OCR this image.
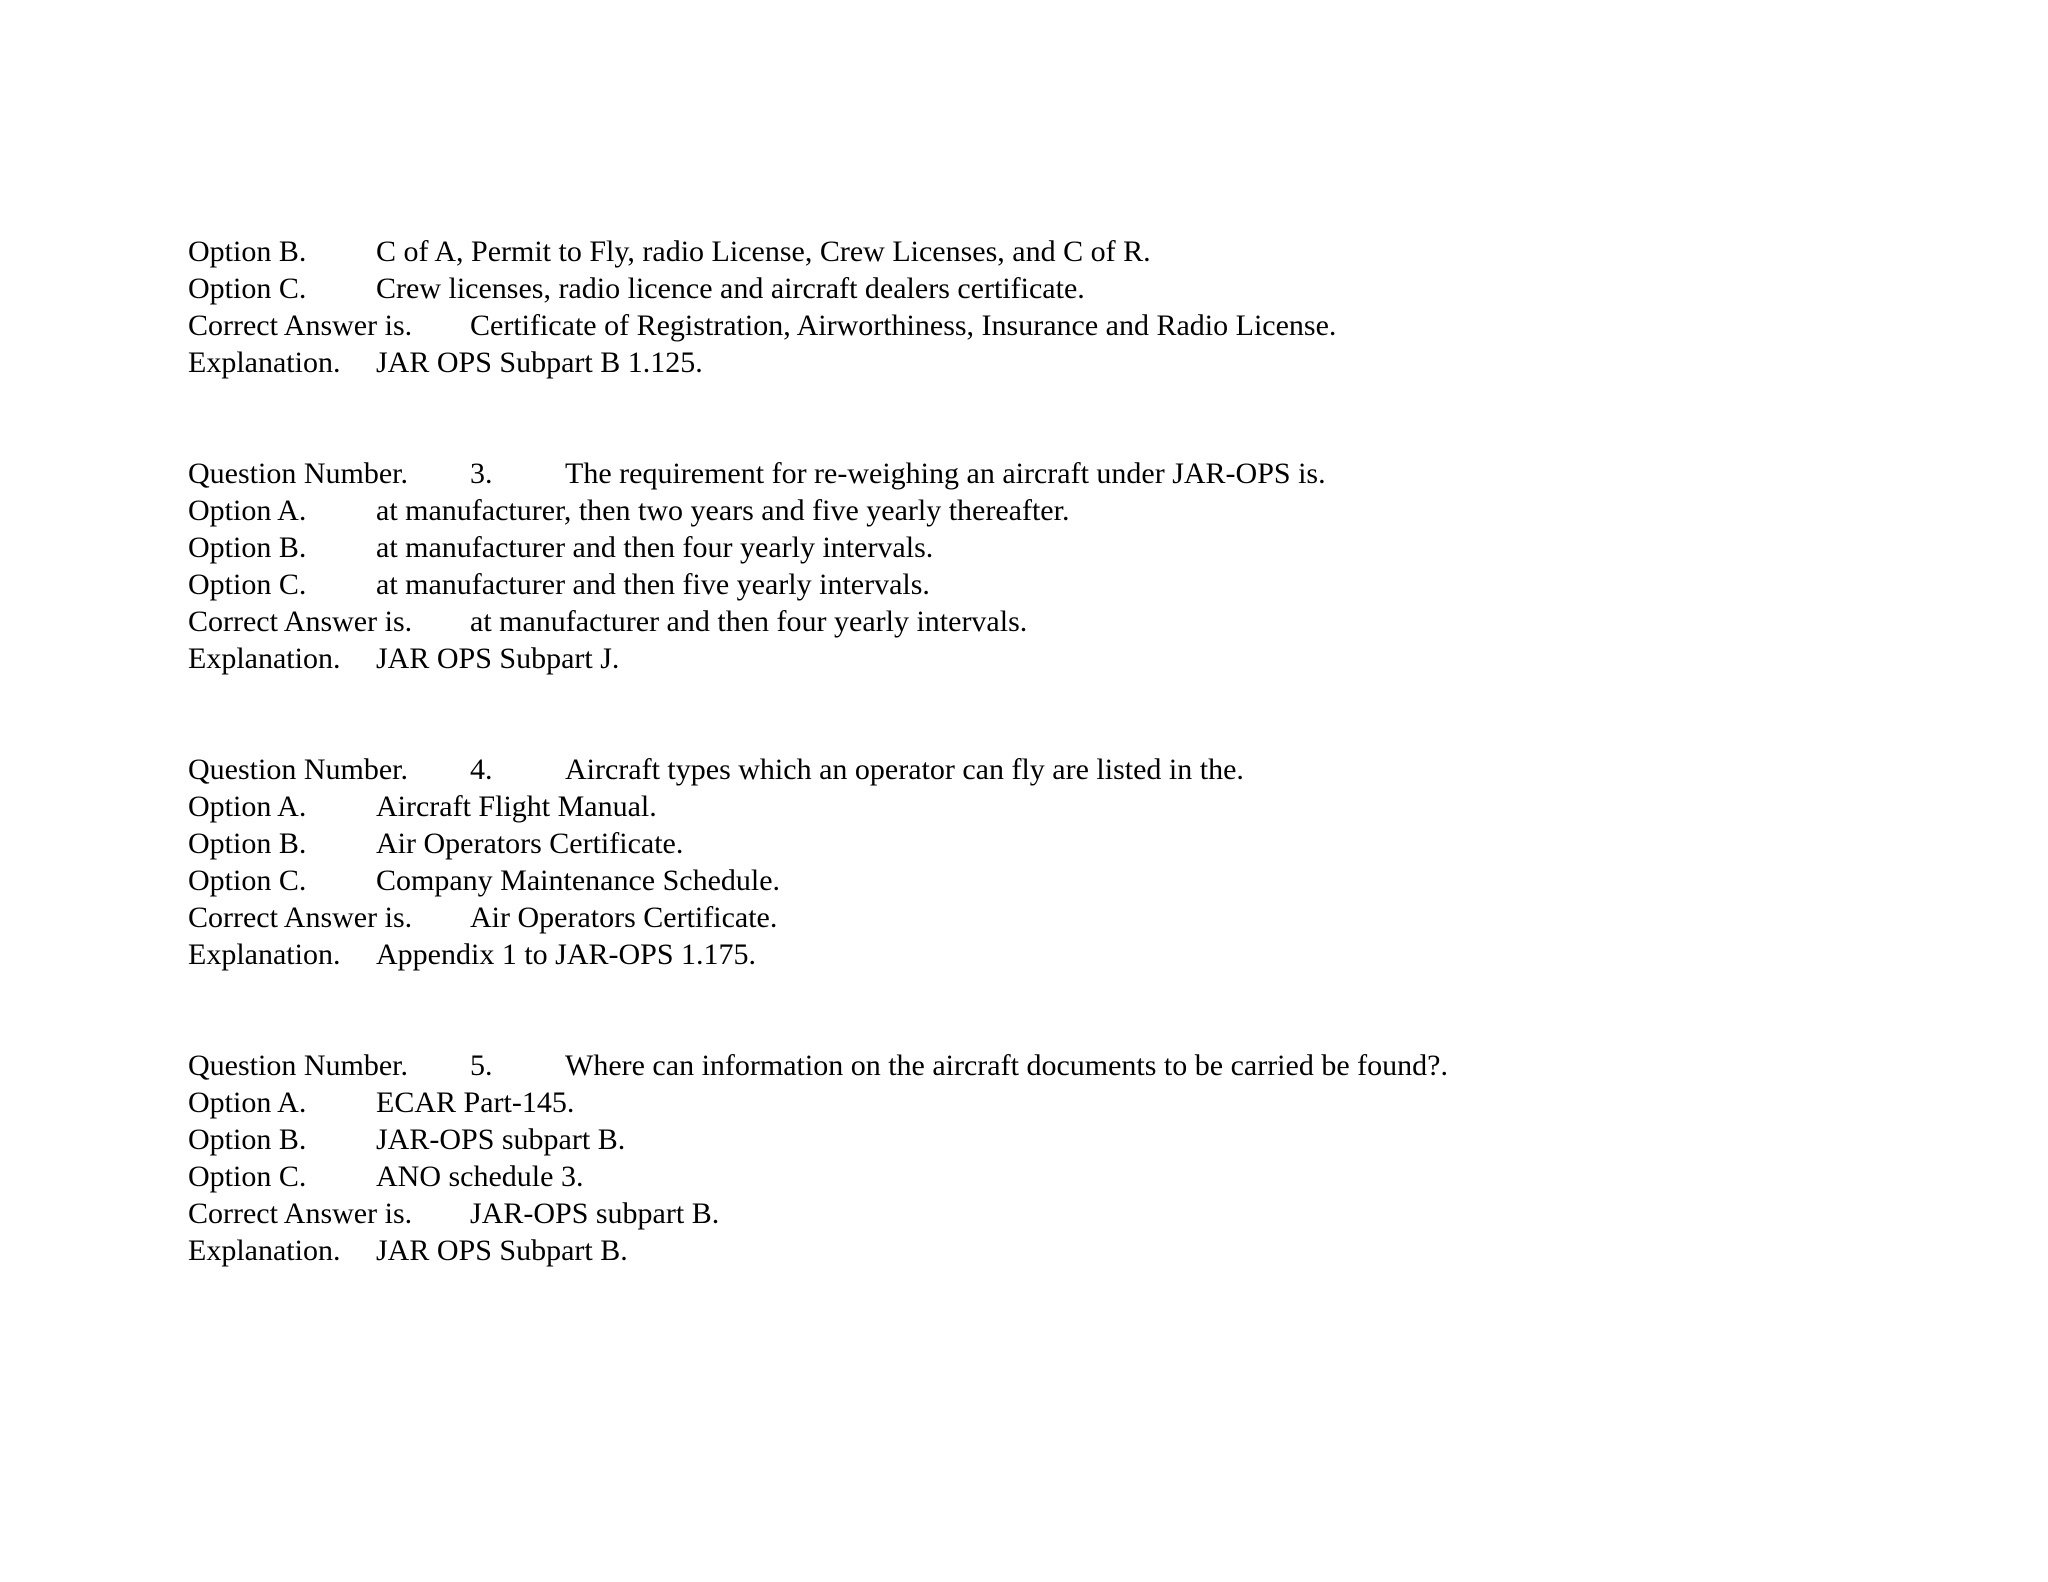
Option B. C of A, Permit to Fly, radio License, Crew Licenses, and C of R.
Option C. Crew licenses, radio licence and aircraft dealers certificate.
Correct Answer is. Certificate of Registration, Airworthiness, Insurance and Radio License.
Explanation. JAR OPS Subpart B 1.125.
Question Number. 3. The requirement for re-weighing an aircraft under JAR-OPS is.
Option A. at manufacturer, then two years and five yearly thereafter.
Option B. at manufacturer and then four yearly intervals.
Option C. at manufacturer and then five yearly intervals.
Correct Answer is. at manufacturer and then four yearly intervals.
Explanation. JAR OPS Subpart J.
Question Number. 4. Aircraft types which an operator can fly are listed in the.
Option A. Aircraft Flight Manual.
Option B. Air Operators Certificate.
Option C. Company Maintenance Schedule.
Correct Answer is. Air Operators Certificate.
Explanation. Appendix 1 to JAR-OPS 1.175.
Question Number. 5. Where can information on the aircraft documents to be carried be found?.
Option A. ECAR Part-145.
Option B. JAR-OPS subpart B.
Option C. ANO schedule 3.
Correct Answer is. JAR-OPS subpart B.
Explanation. JAR OPS Subpart B.
